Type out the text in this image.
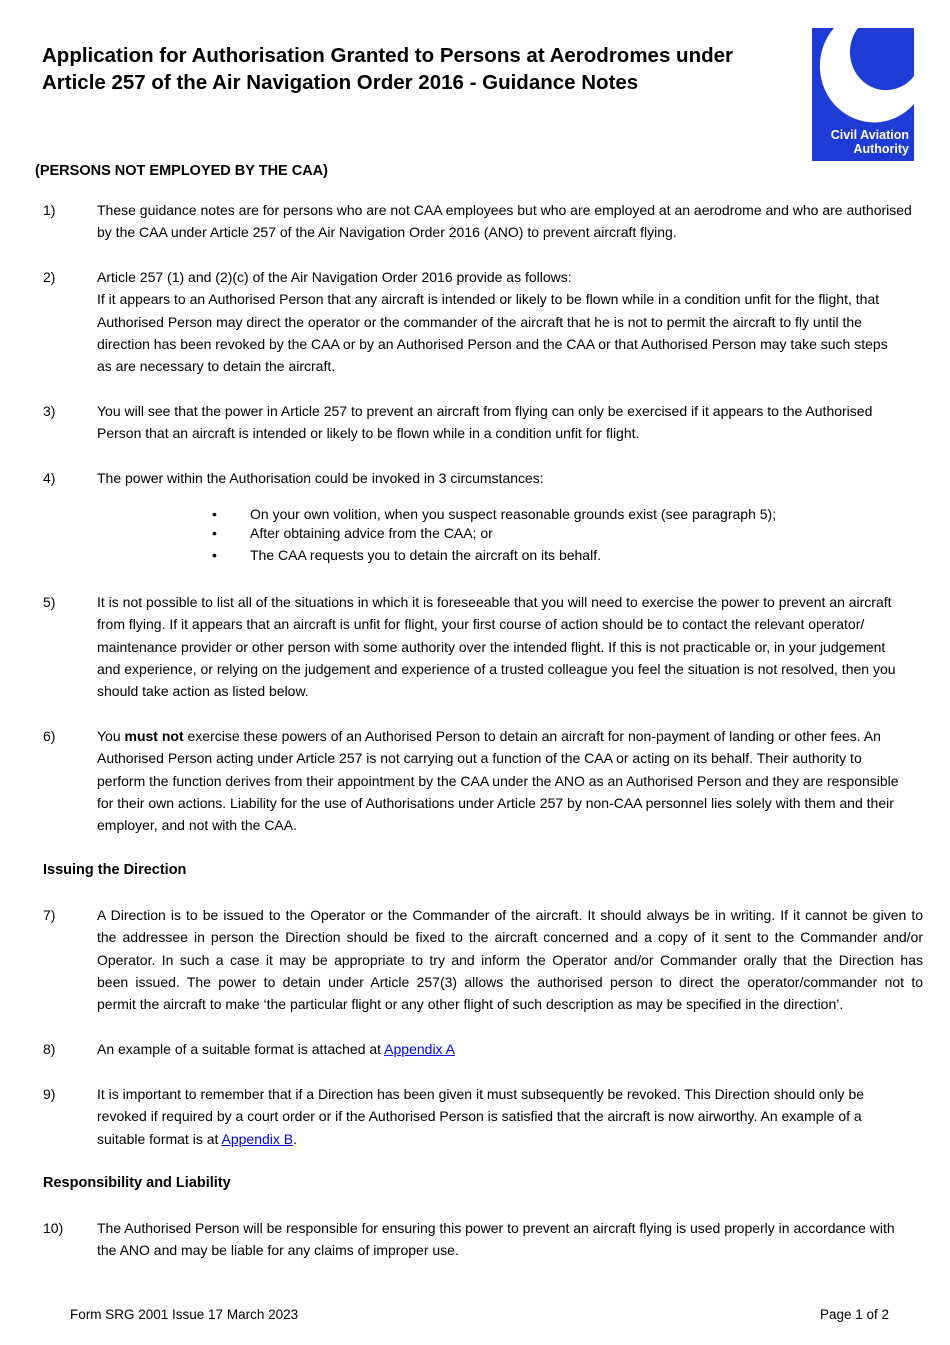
Application for Authorisation Granted to Persons at Aerodromes under
Article 257 of the Air Navigation Order 2016 - Guidance Notes
Civil Aviation
Authority
(PERSONS NOT EMPLOYED BY THE CAA)
1)	These guidance notes are for persons who are not CAA employees but who are employed at an aerodrome and who are authorised
by the CAA under Article 257 of the Air Navigation Order 2016 (ANO) to prevent aircraft flying.
2)	Article 257 (1) and (2)(c) of the Air Navigation Order 2016 provide as follows:
If it appears to an Authorised Person that any aircraft is intended or likely to be flown while in a condition unfit for the flight, that
Authorised Person may direct the operator or the commander of the aircraft that he is not to permit the aircraft to fly until the
direction has been revoked by the CAA or by an Authorised Person and the CAA or that Authorised Person may take such steps
as are necessary to detain the aircraft.
3)	You will see that the power in Article 257 to prevent an aircraft from flying can only be exercised if it appears to the Authorised
Person that an aircraft is intended or likely to be flown while in a condition unfit for flight.
4)	The power within the Authorisation could be invoked in 3 circumstances:
• On your own volition, when you suspect reasonable grounds exist (see paragraph 5);
• After obtaining advice from the CAA; or
• The CAA requests you to detain the aircraft on its behalf.
5)	It is not possible to list all of the situations in which it is foreseeable that you will need to exercise the power to prevent an aircraft
from flying. If it appears that an aircraft is unfit for flight, your first course of action should be to contact the relevant operator/
maintenance provider or other person with some authority over the intended flight. If this is not practicable or, in your judgement
and experience, or relying on the judgement and experience of a trusted colleague you feel the situation is not resolved, then you
should take action as listed below.
6)	You must not exercise these powers of an Authorised Person to detain an aircraft for non-payment of landing or other fees. An
Authorised Person acting under Article 257 is not carrying out a function of the CAA or acting on its behalf. Their authority to
perform the function derives from their appointment by the CAA under the ANO as an Authorised Person and they are responsible
for their own actions. Liability for the use of Authorisations under Article 257 by non-CAA personnel lies solely with them and their
employer, and not with the CAA.
Issuing the Direction
7)	A Direction is to be issued to the Operator or the Commander of the aircraft. It should always be in writing. If it cannot be given to
the addressee in person the Direction should be fixed to the aircraft concerned and a copy of it sent to the Commander and/or
Operator. In such a case it may be appropriate to try and inform the Operator and/or Commander orally that the Direction has
been issued. The power to detain under Article 257(3) allows the authorised person to direct the operator/commander not to
permit the aircraft to make ‘the particular flight or any other flight of such description as may be specified in the direction’.
8)	An example of a suitable format is attached at Appendix A
9)	It is important to remember that if a Direction has been given it must subsequently be revoked. This Direction should only be
revoked if required by a court order or if the Authorised Person is satisfied that the aircraft is now airworthy. An example of a
suitable format is at Appendix B.
Responsibility and Liability
10) The Authorised Person will be responsible for ensuring this power to prevent an aircraft flying is used properly in accordance with
the ANO and may be liable for any claims of improper use.
Form SRG 2001 Issue 17 March 2023	Page 1 of 2
